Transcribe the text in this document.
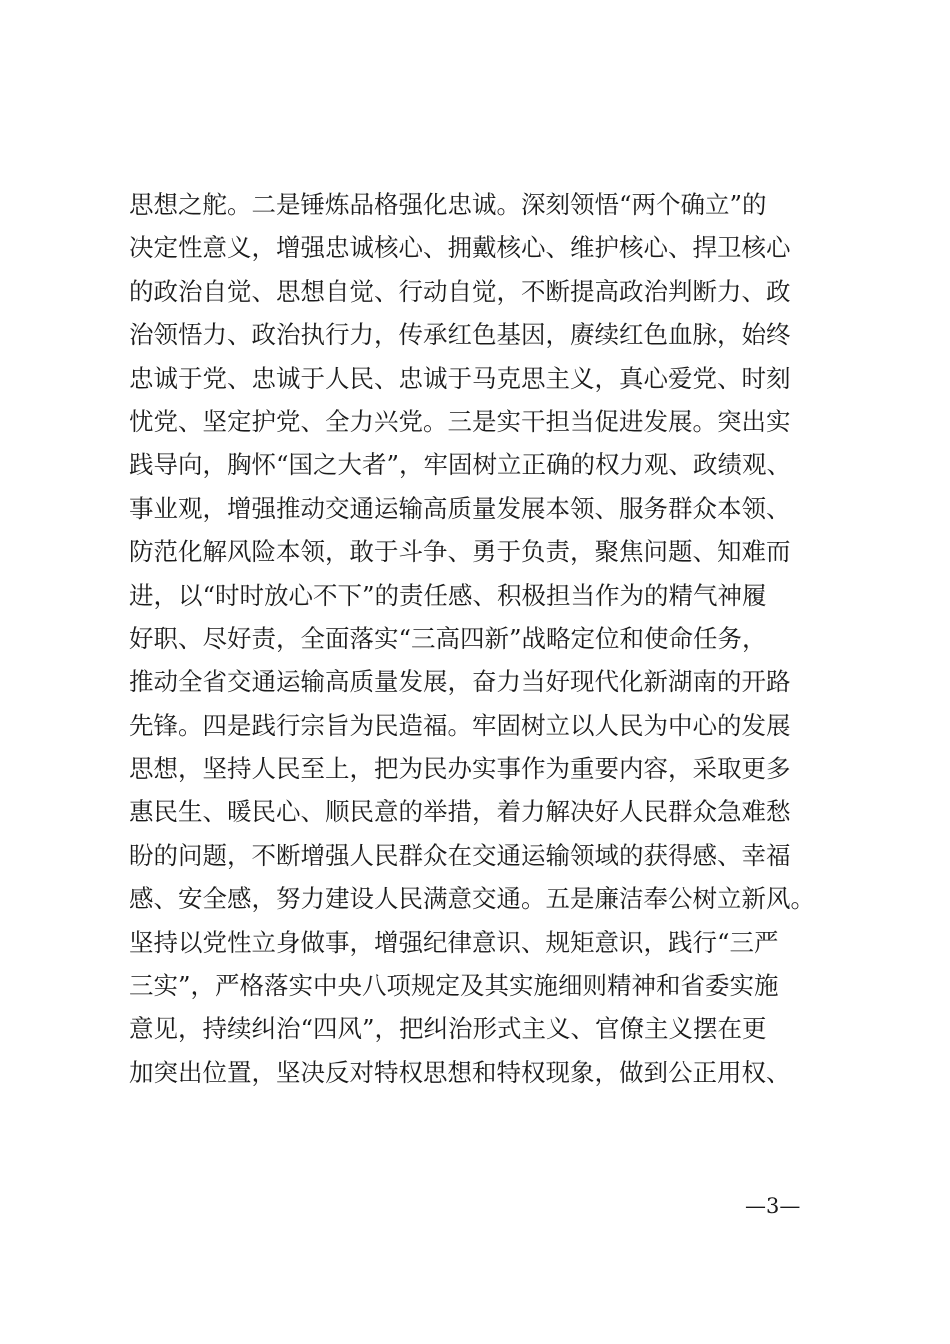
思想之舵。二是锤炼品格强化忠诚。深刻领悟“两个确立”的
决定性意义，增强忠诚核心、拥戴核心、维护核心、捍卫核心
的政治自觉、思想自觉、行动自觉，不断提高政治判断力、政
治领悟力、政治执行力，传承红色基因，赓续红色血脉，始终
忠诚于党、忠诚于人民、忠诚于马克思主义，真心爱党、时刻
忧党、坚定护党、全力兴党。三是实干担当促进发展。突出实
践导向，胸怀“国之大者”，牢固树立正确的权力观、政绩观、
事业观，增强推动交通运输高质量发展本领、服务群众本领、
防范化解风险本领，敢于斗争、勇于负责，聚焦问题、知难而
进，以“时时放心不下”的责任感、积极担当作为的精气神履
好职、尽好责，全面落实“三高四新”战略定位和使命任务，
推动全省交通运输高质量发展，奋力当好现代化新湖南的开路
先锋。四是践行宗旨为民造福。牢固树立以人民为中心的发展
思想，坚持人民至上，把为民办实事作为重要内容，采取更多
惠民生、暖民心、顺民意的举措，着力解决好人民群众急难愁
盼的问题，不断增强人民群众在交通运输领域的获得感、幸福
感、安全感，努力建设人民满意交通。五是廉洁奉公树立新风。
坚持以党性立身做事，增强纪律意识、规矩意识，践行“三严
三实”，严格落实中央八项规定及其实施细则精神和省委实施
意见，持续纠治“四风”，把纠治形式主义、官僚主义摆在更
加突出位置，坚决反对特权思想和特权现象，做到公正用权、
—3—
